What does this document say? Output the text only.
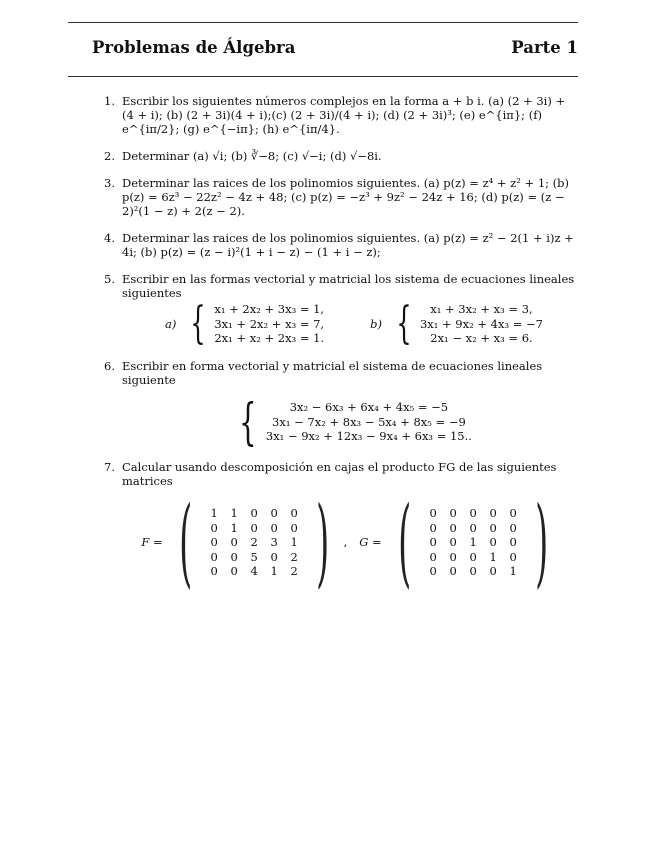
Problemas de Álgebra	Parte 1
1. Escribir los siguientes números complejos en la forma a + b i. (a) (2 + 3i) + (4 + i); (b) (2 + 3i)(4 + i);(c) (2 + 3i)/(4 + i); (d) (2 + 3i)³; (e) e^{iπ}; (f) e^{iπ/2}; (g) e^{−iπ}; (h) e^{iπ/4}.
2. Determinar (a) √i; (b) ∛−8; (c) √−i; (d) √−8i.
3. Determinar las raices de los polinomios siguientes. (a) p(z) = z⁴ + z² + 1; (b) p(z) = 6z³ − 22z² − 4z + 48; (c) p(z) = −z³ + 9z² − 24z + 16; (d) p(z) = (z − 2)²(1 − z) + 2(z − 2).
4. Determinar las raices de los polinomios siguientes. (a) p(z) = z² − 2(1 + i)z + 4i; (b) p(z) = (z − i)²(1 + i − z) − (1 + i − z);
5. Escribir en las formas vectorial y matricial los sistema de ecuaciones lineales siguientes
a) { x₁ + 2x₂ + 3x₃ = 1,
3x₁ + 2x₂ + x₃ = 7,
2x₁ + x₂ + 2x₃ = 1.
b) {	x₁ + 3x₂ + x₃ = 3,
3x₁ + 9x₂ + 4x₃ = −7
2x₁ − x₂ + x₃ = 6.
6. Escribir en forma vectorial y matricial el sistema de ecuaciones lineales siguiente
{	3x₂ − 6x₃ + 6x₄ + 4x₅ = −5
3x₁ − 7x₂ + 8x₃ − 5x₄ + 8x₅ = −9
3x₁ − 9x₂ + 12x₃ − 9x₄ + 6x₃ = 15..
7. Calcular usando descomposición en cajas el producto FG de las siguientes matrices
F = ( 1	1	0	0	0
0	1	0	0	0
0	0	2	3	1
0	0	5	0	2
0	0	4	1	2 ) , G = ( 0	0	0	0	0
0	0	0	0	0
0	0	1	0	0
0	0	0	1	0
0	0	0	0	1 )
